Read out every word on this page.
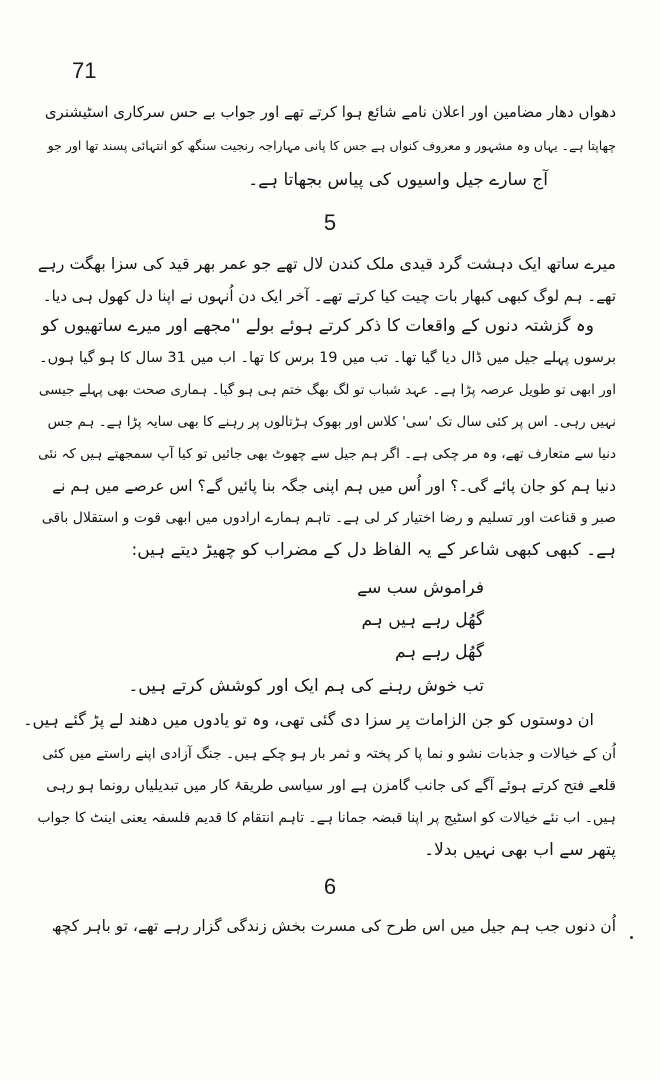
71
دھواں دھار مضامین اور اعلان نامے شائع ہوا کرتے تھے اور جواب بے حس سرکاری اسٹیشنری
چھاپتا ہے۔ یہاں وہ مشہور و معروف کنواں ہے جس کا پانی مہاراجہ رنجیت سنگھ کو انتہائی پسند تھا اور جو
آج سارے جیل واسیوں کی پیاس بجھاتا ہے۔
5
میرے ساتھ ایک دہشت گرد قیدی ملک کندن لال تھے جو عمر بھر قید کی سزا بھگت رہے
تھے۔ ہم لوگ کبھی کبھار بات چیت کیا کرتے تھے۔ آخر ایک دن اُنہوں نے اپنا دل کھول ہی دیا۔
وہ گزشتہ دنوں کے واقعات کا ذکر کرتے ہوئے بولے ''مجھے اور میرے ساتھیوں کو
برسوں پہلے جیل میں ڈال دیا گیا تھا۔ تب میں 19 برس کا تھا۔ اب میں 31 سال کا ہو گیا ہوں۔
اور ابھی تو طویل عرصہ پڑا ہے۔ عہد شباب تو لگ بھگ ختم ہی ہو گیا۔ ہماری صحت بھی پہلے جیسی
نہیں رہی۔ اس پر کئی سال تک 'سی' کلاس اور بھوک ہڑتالوں پر رہنے کا بھی سایہ پڑا ہے۔ ہم جس
دنیا سے متعارف تھے، وہ مر چکی ہے۔ اگر ہم جیل سے چھوٹ بھی جائیں تو کیا آپ سمجھتے ہیں کہ نئی
دنیا ہم کو جان پائے گی۔؟ اور اُس میں ہم اپنی جگہ بنا پائیں گے؟ اس عرصے میں ہم نے
صبر و قناعت اور تسلیم و رضا اختیار کر لی ہے۔ تاہم ہمارے ارادوں میں ابھی قوت و استقلال باقی
ہے۔ کبھی کبھی شاعر کے یہ الفاظ دل کے مضراب کو چھیڑ دیتے ہیں:
فراموش سب سے
گھُل رہے ہیں ہم
گھُل رہے ہم
تب خوش رہنے کی ہم ایک اور کوشش کرتے ہیں۔
ان دوستوں کو جن الزامات پر سزا دی گئی تھی، وہ تو یادوں میں دھند لے پڑ گئے ہیں۔
اُن کے خیالات و جذبات نشو و نما پا کر پختہ و ثمر بار ہو چکے ہیں۔ جنگ آزادی اپنے راستے میں کئی
قلعے فتح کرتے ہوئے آگے کی جانب گامزن ہے اور سیاسی طریقۂ کار میں تبدیلیاں رونما ہو رہی
ہیں۔ اب نئے خیالات کو اسٹیج پر اپنا قبضہ جمانا ہے۔ تاہم انتقام کا قدیم فلسفہ یعنی اینٹ کا جواب
پتھر سے اب بھی نہیں بدلا۔
6
اُن دنوں جب ہم جیل میں اس طرح کی مسرت بخش زندگی گزار رہے تھے، تو باہر کچھ
